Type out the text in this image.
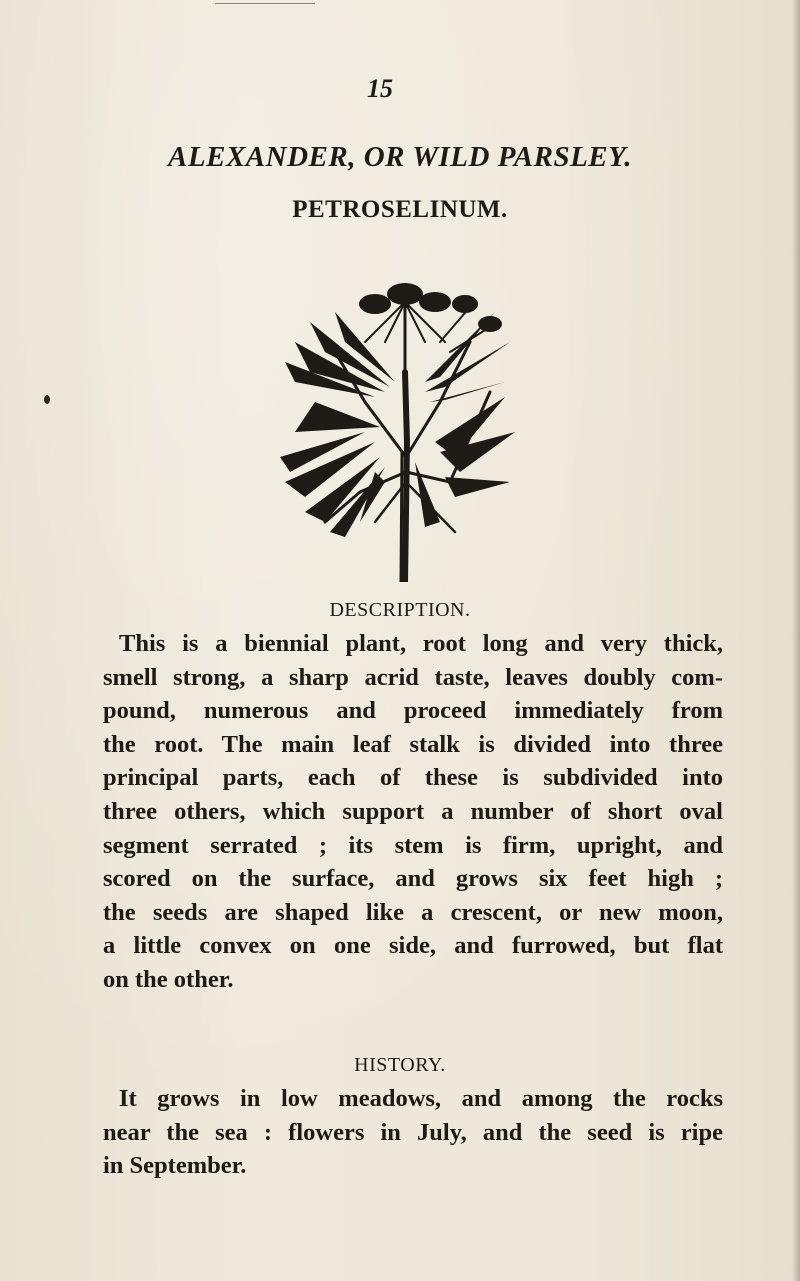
15
ALEXANDER, OR WILD PARSLEY.
PETROSELINUM.
DESCRIPTION.
This is a biennial plant, root long and very thick,
smell strong, a sharp acrid taste, leaves doubly com-
pound, numerous and proceed immediately from
the root. The main leaf stalk is divided into three
principal parts, each of these is subdivided into
three others, which support a number of short oval
segment serrated ; its stem is firm, upright, and
scored on the surface, and grows six feet high ;
the seeds are shaped like a crescent, or new moon,
a little convex on one side, and furrowed, but flat
on the other.
HISTORY.
It grows in low meadows, and among the rocks
near the sea : flowers in July, and the seed is ripe
in September.
